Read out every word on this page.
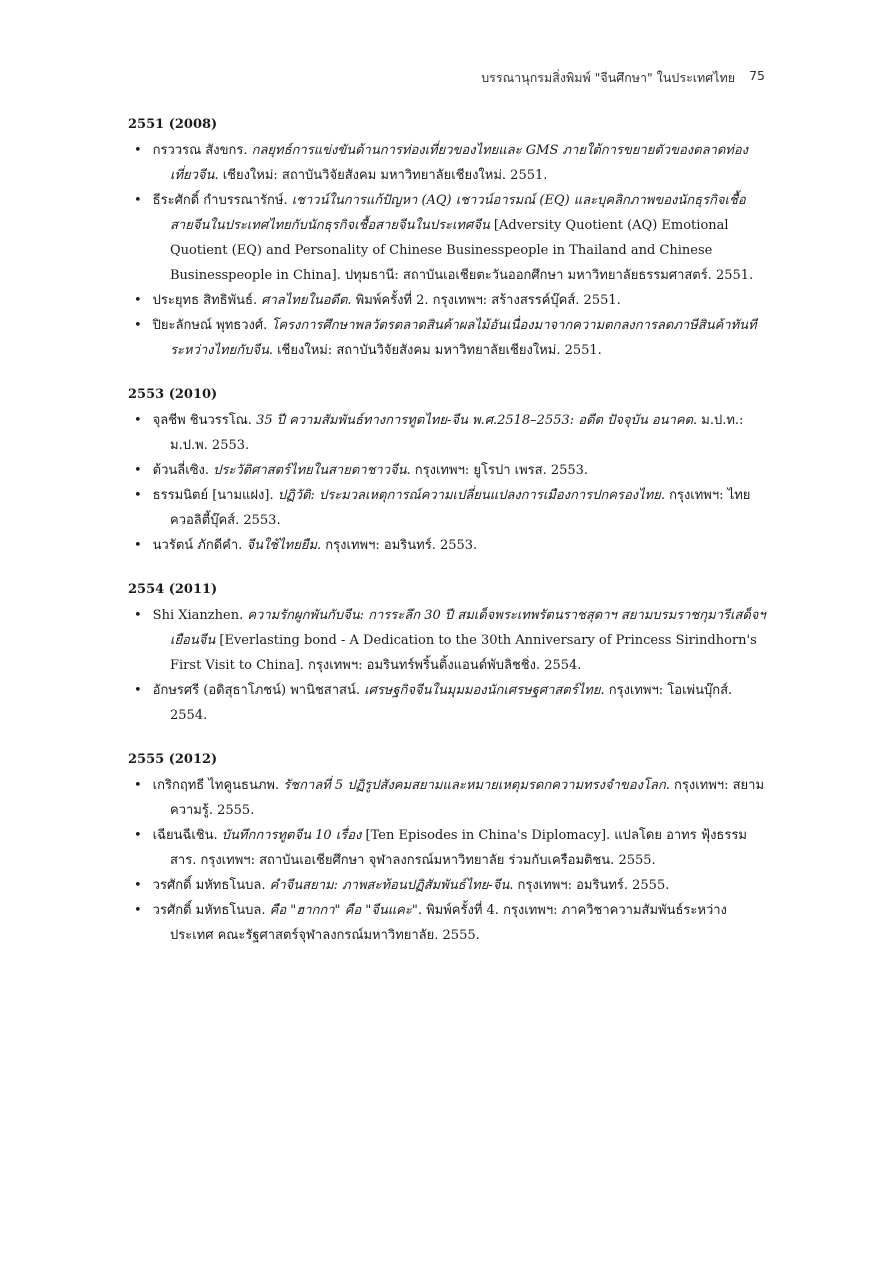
บรรณานุกรมสิ่งพิมพ์ "จีนศึกษา" ในประเทศไทย 75
2551 (2008)
• กรววรณ สังขกร. กลยุทธ์การแข่งขันด้านการท่องเที่ยวของไทยและ GMS ภายใต้การขยายตัวของตลาดท่องเที่ยวจีน. เชียงใหม่: สถาบันวิจัยสังคม มหาวิทยาลัยเชียงใหม่. 2551.
• ธีระศักดิ์ กำบรรณารักษ์. เชาวน์ในการแก้ปัญหา (AQ) เชาวน์อารมณ์ (EQ) และบุคลิกภาพของนักธุรกิจเชื้อสายจีนในประเทศไทยกับนักธุรกิจเชื้อสายจีนในประเทศจีน [Adversity Quotient (AQ) Emotional Quotient (EQ) and Personality of Chinese Businesspeople in Thailand and Chinese Businesspeople in China]. ปทุมธานี: สถาบันเอเชียตะวันออกศึกษา มหาวิทยาลัยธรรมศาสตร์. 2551.
• ประยุทธ สิทธิพันธ์. ศาลไทยในอดีต. พิมพ์ครั้งที่ 2. กรุงเทพฯ: สร้างสรรค์บุ๊คส์. 2551.
• ปิยะลักษณ์ พุทธวงศ์. โครงการศึกษาพลวัตรตลาดสินค้าผลไม้อันเนื่องมาจากความตกลงการลดภาษีสินค้าทันทีระหว่างไทยกับจีน. เชียงใหม่: สถาบันวิจัยสังคม มหาวิทยาลัยเชียงใหม่. 2551.
2553 (2010)
• จุลชีพ ชินวรรโณ. 35 ปี ความสัมพันธ์ทางการทูตไทย-จีน พ.ศ.2518–2553: อดีต ปัจจุบัน อนาคต. ม.ป.ท.: ม.ป.พ. 2553.
• ต้วนลี่เซิง. ประวัติศาสตร์ไทยในสายตาชาวจีน. กรุงเทพฯ: ยูโรปา เพรส. 2553.
• ธรรมนิตย์ [นามแฝง]. ปฏิวัติ: ประมวลเหตุการณ์ความเปลี่ยนแปลงการเมืองการปกครองไทย. กรุงเทพฯ: ไทยควอลิตี้บุ๊คส์. 2553.
• นวรัตน์ ภักดีคำ. จีนใช้ไทยยืม. กรุงเทพฯ: อมรินทร์. 2553.
2554 (2011)
• Shi Xianzhen. ความรักผูกพันกับจีน: การระลึก 30 ปี สมเด็จพระเทพรัตนราชสุดาฯ สยามบรมราชกุมารีเสด็จฯ เยือนจีน [Everlasting bond - A Dedication to the 30th Anniversary of Princess Sirindhorn's First Visit to China]. กรุงเทพฯ: อมรินทร์พริ้นติ้งแอนด์พับลิชชิ่ง. 2554.
• อักษรศรี (อดิสุธาโภชน์) พานิชสาสน์. เศรษฐกิจจีนในมุมมองนักเศรษฐศาสตร์ไทย. กรุงเทพฯ: โอเพ่นบุ๊กส์. 2554.
2555 (2012)
• เกริกฤทธี ไทคูนธนภพ. รัชกาลที่ 5 ปฏิรูปสังคมสยามและหมายเหตุมรดกความทรงจำของโลก. กรุงเทพฯ: สยามความรู้. 2555.
• เฉียนฉีเชิน. บันทึกการทูตจีน 10 เรื่อง [Ten Episodes in China's Diplomacy]. แปลโดย อาทร ฟุ้งธรรมสาร. กรุงเทพฯ: สถาบันเอเชียศึกษา จุฬาลงกรณ์มหาวิทยาลัย ร่วมกับเครือมติชน. 2555.
• วรศักดิ์ มหัทธโนบล. คำจีนสยาม: ภาพสะท้อนปฏิสัมพันธ์ไทย-จีน. กรุงเทพฯ: อมรินทร์. 2555.
• วรศักดิ์ มหัทธโนบล. คือ "ฮากกา" คือ "จีนแคะ". พิมพ์ครั้งที่ 4. กรุงเทพฯ: ภาควิชาความสัมพันธ์ระหว่างประเทศ คณะรัฐศาสตร์จุฬาลงกรณ์มหาวิทยาลัย. 2555.
